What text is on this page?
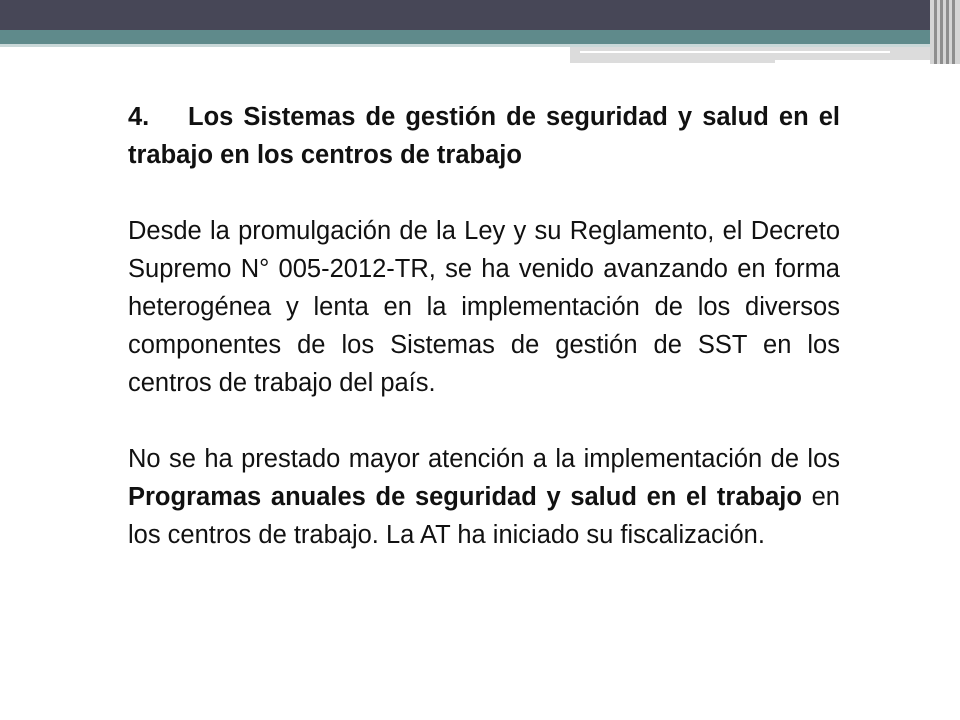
4. Los Sistemas de gestión de seguridad y salud en el trabajo en los centros de trabajo

Desde la promulgación de la Ley y su Reglamento, el Decreto Supremo N° 005-2012-TR, se ha venido avanzando en forma heterogénea y lenta en la implementación de los diversos componentes de los Sistemas de gestión de SST en los centros de trabajo del país.

No se ha prestado mayor atención a la implementación de los Programas anuales de seguridad y salud en el trabajo en los centros de trabajo. La AT ha iniciado su fiscalización.
